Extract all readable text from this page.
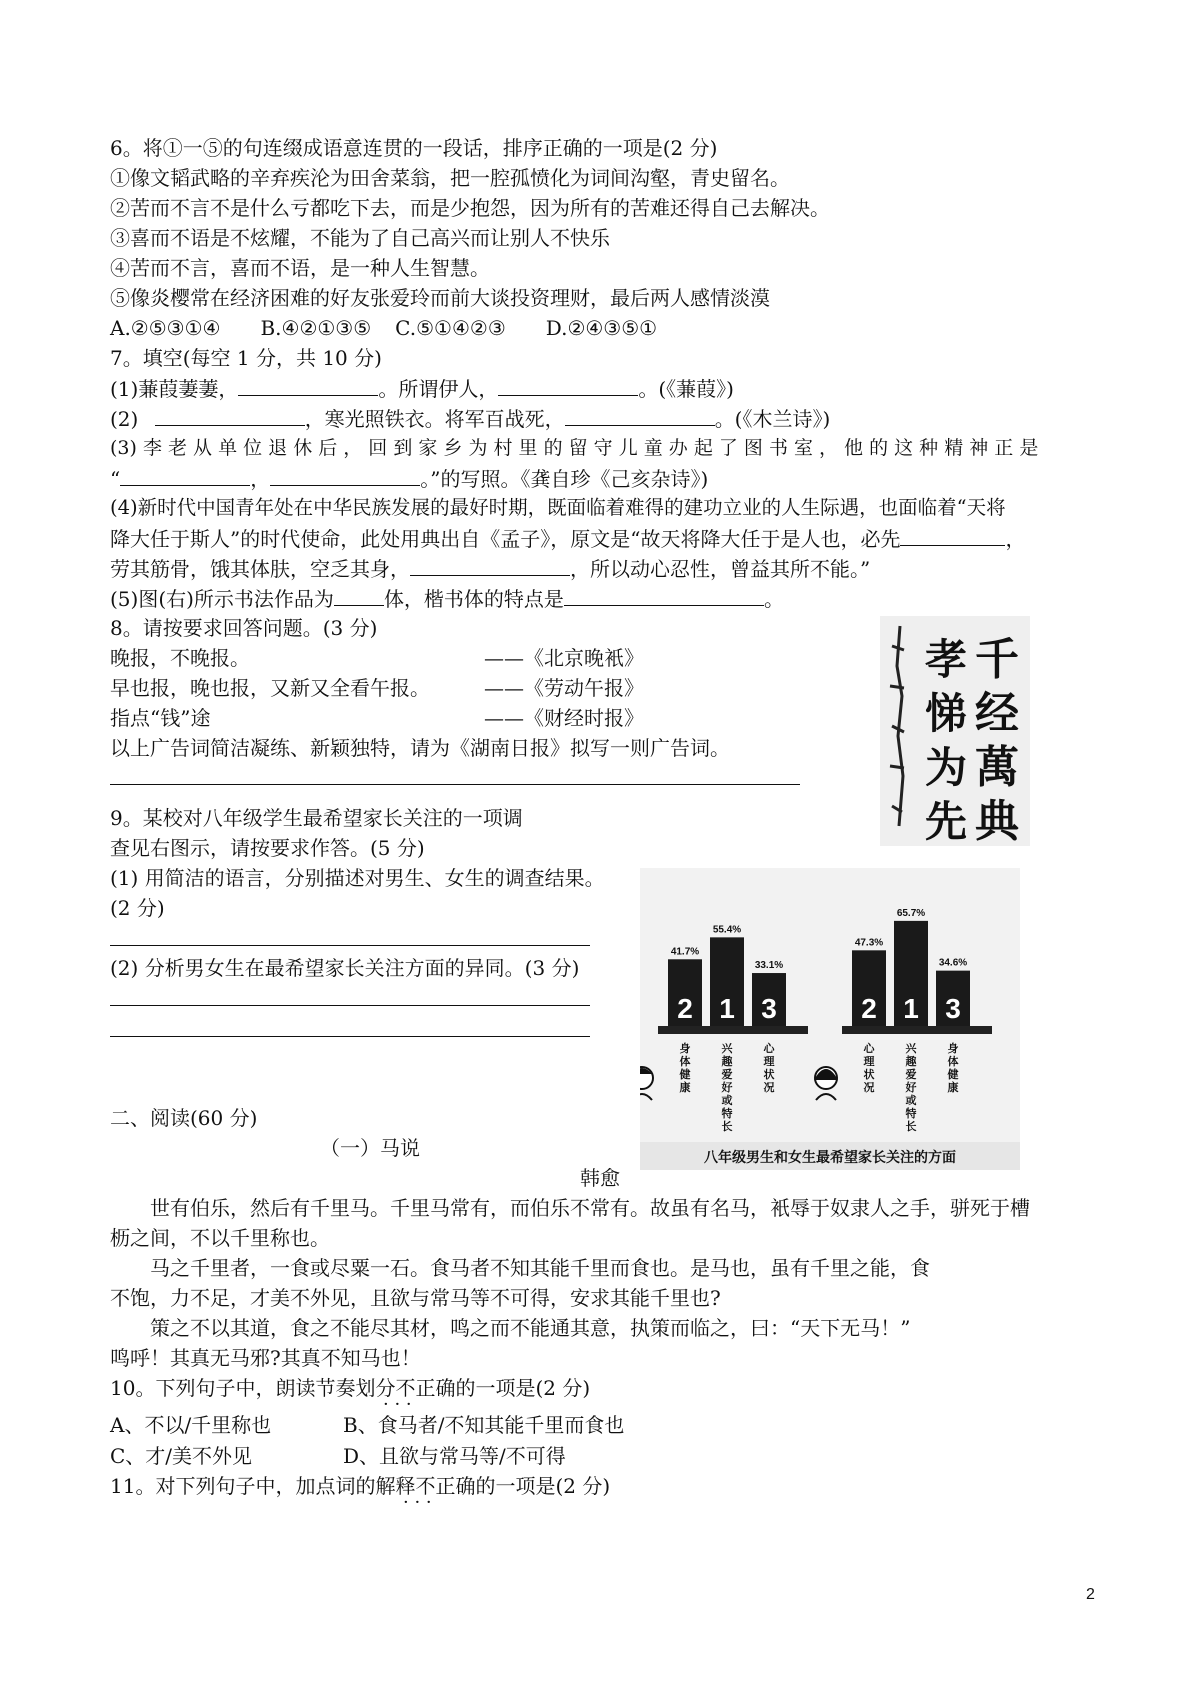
6。将①一⑤的句连缀成语意连贯的一段话，排序正确的一项是(2 分)
①像文韬武略的辛弃疾沦为田舍菜翁，把一腔孤愤化为词间沟壑，青史留名。
②苦而不言不是什么亏都吃下去，而是少抱怨，因为所有的苦难还得自己去解决。
③喜而不语是不炫耀，不能为了自己高兴而让别人不快乐
④苦而不言，喜而不语，是一种人生智慧。
⑤像炎樱常在经济困难的好友张爱玲而前大谈投资理财，最后两人感情淡漠
A.②⑤③①④ B.④②①③⑤ C.⑤①④②③ D.②④③⑤①
7。填空(每空 1 分，共 10 分)
(1)蒹葭萋萋，	。所谓伊人，	。(《蒹葭》)
(2)	，寒光照铁衣。将军百战死，	。(《木兰诗》)
(3) 李 老 从 单 位 退 休 后 ， 回 到 家 乡 为 村 里 的 留 守 儿 童 办 起 了 图 书 室 ， 他 的 这 种 精 神 正 是
“	，	。”的写照。《龚自珍《己亥杂诗》)
(4)新时代中国青年处在中华民族发展的最好时期，既面临着难得的建功立业的人生际遇，也面临着“天将
降大任于斯人”的时代使命，此处用典出自《孟子》，原文是“故天将降大任于是人也，必先	，
劳其筋骨，饿其体肤，空乏其身，	，所以动心忍性，曾益其所不能。”
(5)图(右)所示书法作品为	体，楷书体的特点是	。
千
经
萬
典
孝
悌
为
先
8。请按要求回答问题。(3 分)
晚报，不晚报。	——《北京晚衹》
早也报，晚也报，又新又全看午报。	——《劳动午报》
指点“钱”途	——《财经时报》
以上广告词简洁凝练、新颖独特，请为《湖南日报》拟写一则广告词。
9。某校对八年级学生最希望家长关注的一项调
查见右图示，请按要求作答。(5 分)
(1) 用简洁的语言，分别描述对男生、女生的调查结果。
(2 分)
(2) 分析男女生在最希望家长关注方面的异同。(3 分)
2
41.7%
身
体
健
康
1
55.4%
兴
趣
爱
好
或
特
长
3
33.1%
心
理
状
况
2
47.3%
心
理
状
况
1
65.7%
兴
趣
爱
好
或
特
长
3
34.6%
身
体
健
康
八年级男生和女生最希望家长关注的方面
二、阅读(60 分)
（一）马说
韩愈
世有伯乐，然后有千里马。千里马常有，而伯乐不常有。故虽有名马，衹辱于奴隶人之手，骈死于槽
枥之间，不以千里称也。
马之千里者，一食或尽粟一石。食马者不知其能千里而食也。是马也，虽有千里之能，食
不饱，力不足，才美不外见，且欲与常马等不可得，安求其能千里也?
策之不以其道，食之不能尽其材，鸣之而不能通其意，执策而临之，曰：“天下无马！”
鸣呼！其真无马邪?其真不知马也！
10。下列句子中，朗读节奏划分不正确的一项是(2 分)
· · ·
A、不以/千里称也	B、食马者/不知其能千里而食也
C、才/美不外见	D、且欲与常马等/不可得
11。对下列句子中，加点词的解释不正确的一项是(2 分)
· · ·
2
